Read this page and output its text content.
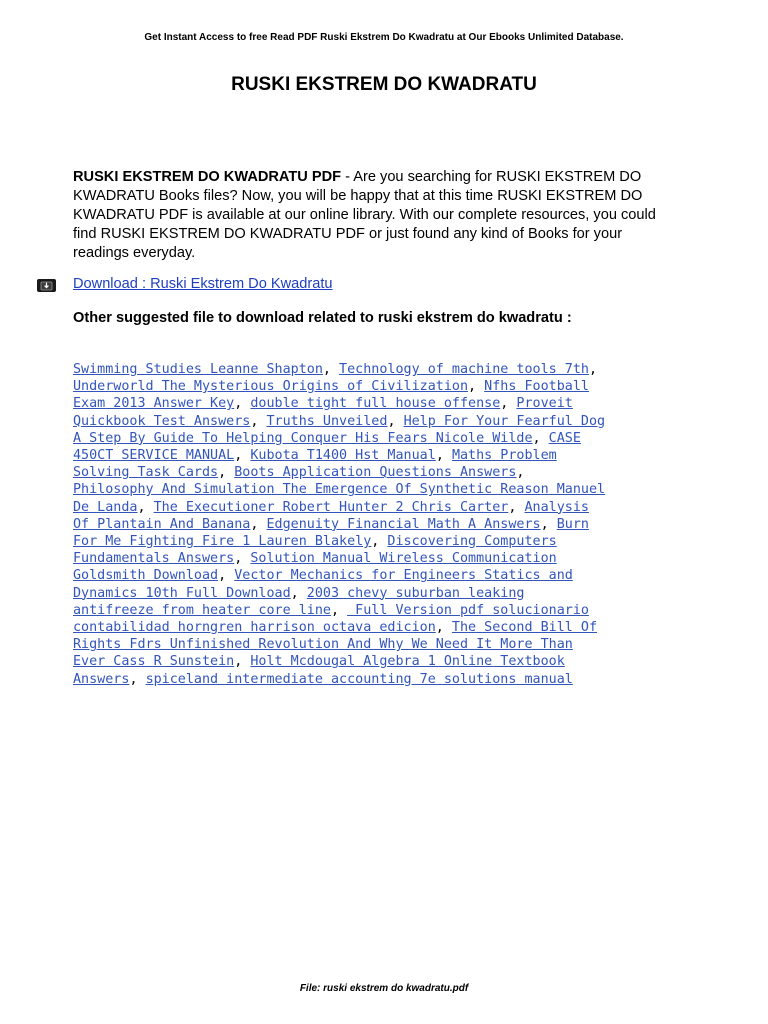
Get Instant Access to free Read PDF Ruski Ekstrem Do Kwadratu at Our Ebooks Unlimited Database.
RUSKI EKSTREM DO KWADRATU

RUSKI EKSTREM DO KWADRATU PDF - Are you searching for RUSKI EKSTREM DO
KWADRATU Books files? Now, you will be happy that at this time RUSKI EKSTREM DO
KWADRATU PDF is available at our online library. With our complete resources, you could
find RUSKI EKSTREM DO KWADRATU PDF or just found any kind of Books for your
readings everyday.

Download : Ruski Ekstrem Do Kwadratu

Other suggested file to download related to ruski ekstrem do kwadratu :

Swimming Studies Leanne Shapton, Technology of machine tools 7th,
Underworld The Mysterious Origins of Civilization, Nfhs Football
Exam 2013 Answer Key, double tight full house offense, Proveit
Quickbook Test Answers, Truths Unveiled, Help For Your Fearful Dog
A Step By Guide To Helping Conquer His Fears Nicole Wilde, CASE
450CT SERVICE MANUAL, Kubota T1400 Hst Manual, Maths Problem
Solving Task Cards, Boots Application Questions Answers,
Philosophy And Simulation The Emergence Of Synthetic Reason Manuel
De Landa, The Executioner Robert Hunter 2 Chris Carter, Analysis
Of Plantain And Banana, Edgenuity Financial Math A Answers, Burn
For Me Fighting Fire 1 Lauren Blakely, Discovering Computers
Fundamentals Answers, Solution Manual Wireless Communication
Goldsmith Download, Vector Mechanics for Engineers Statics and
Dynamics 10th Full Download, 2003 chevy suburban leaking
antifreeze from heater core line,  Full Version pdf solucionario
contabilidad horngren harrison octava edicion, The Second Bill Of
Rights Fdrs Unfinished Revolution And Why We Need It More Than
Ever Cass R Sunstein, Holt Mcdougal Algebra 1 Online Textbook
Answers, spiceland intermediate accounting 7e solutions manual
File: ruski ekstrem do kwadratu.pdf
